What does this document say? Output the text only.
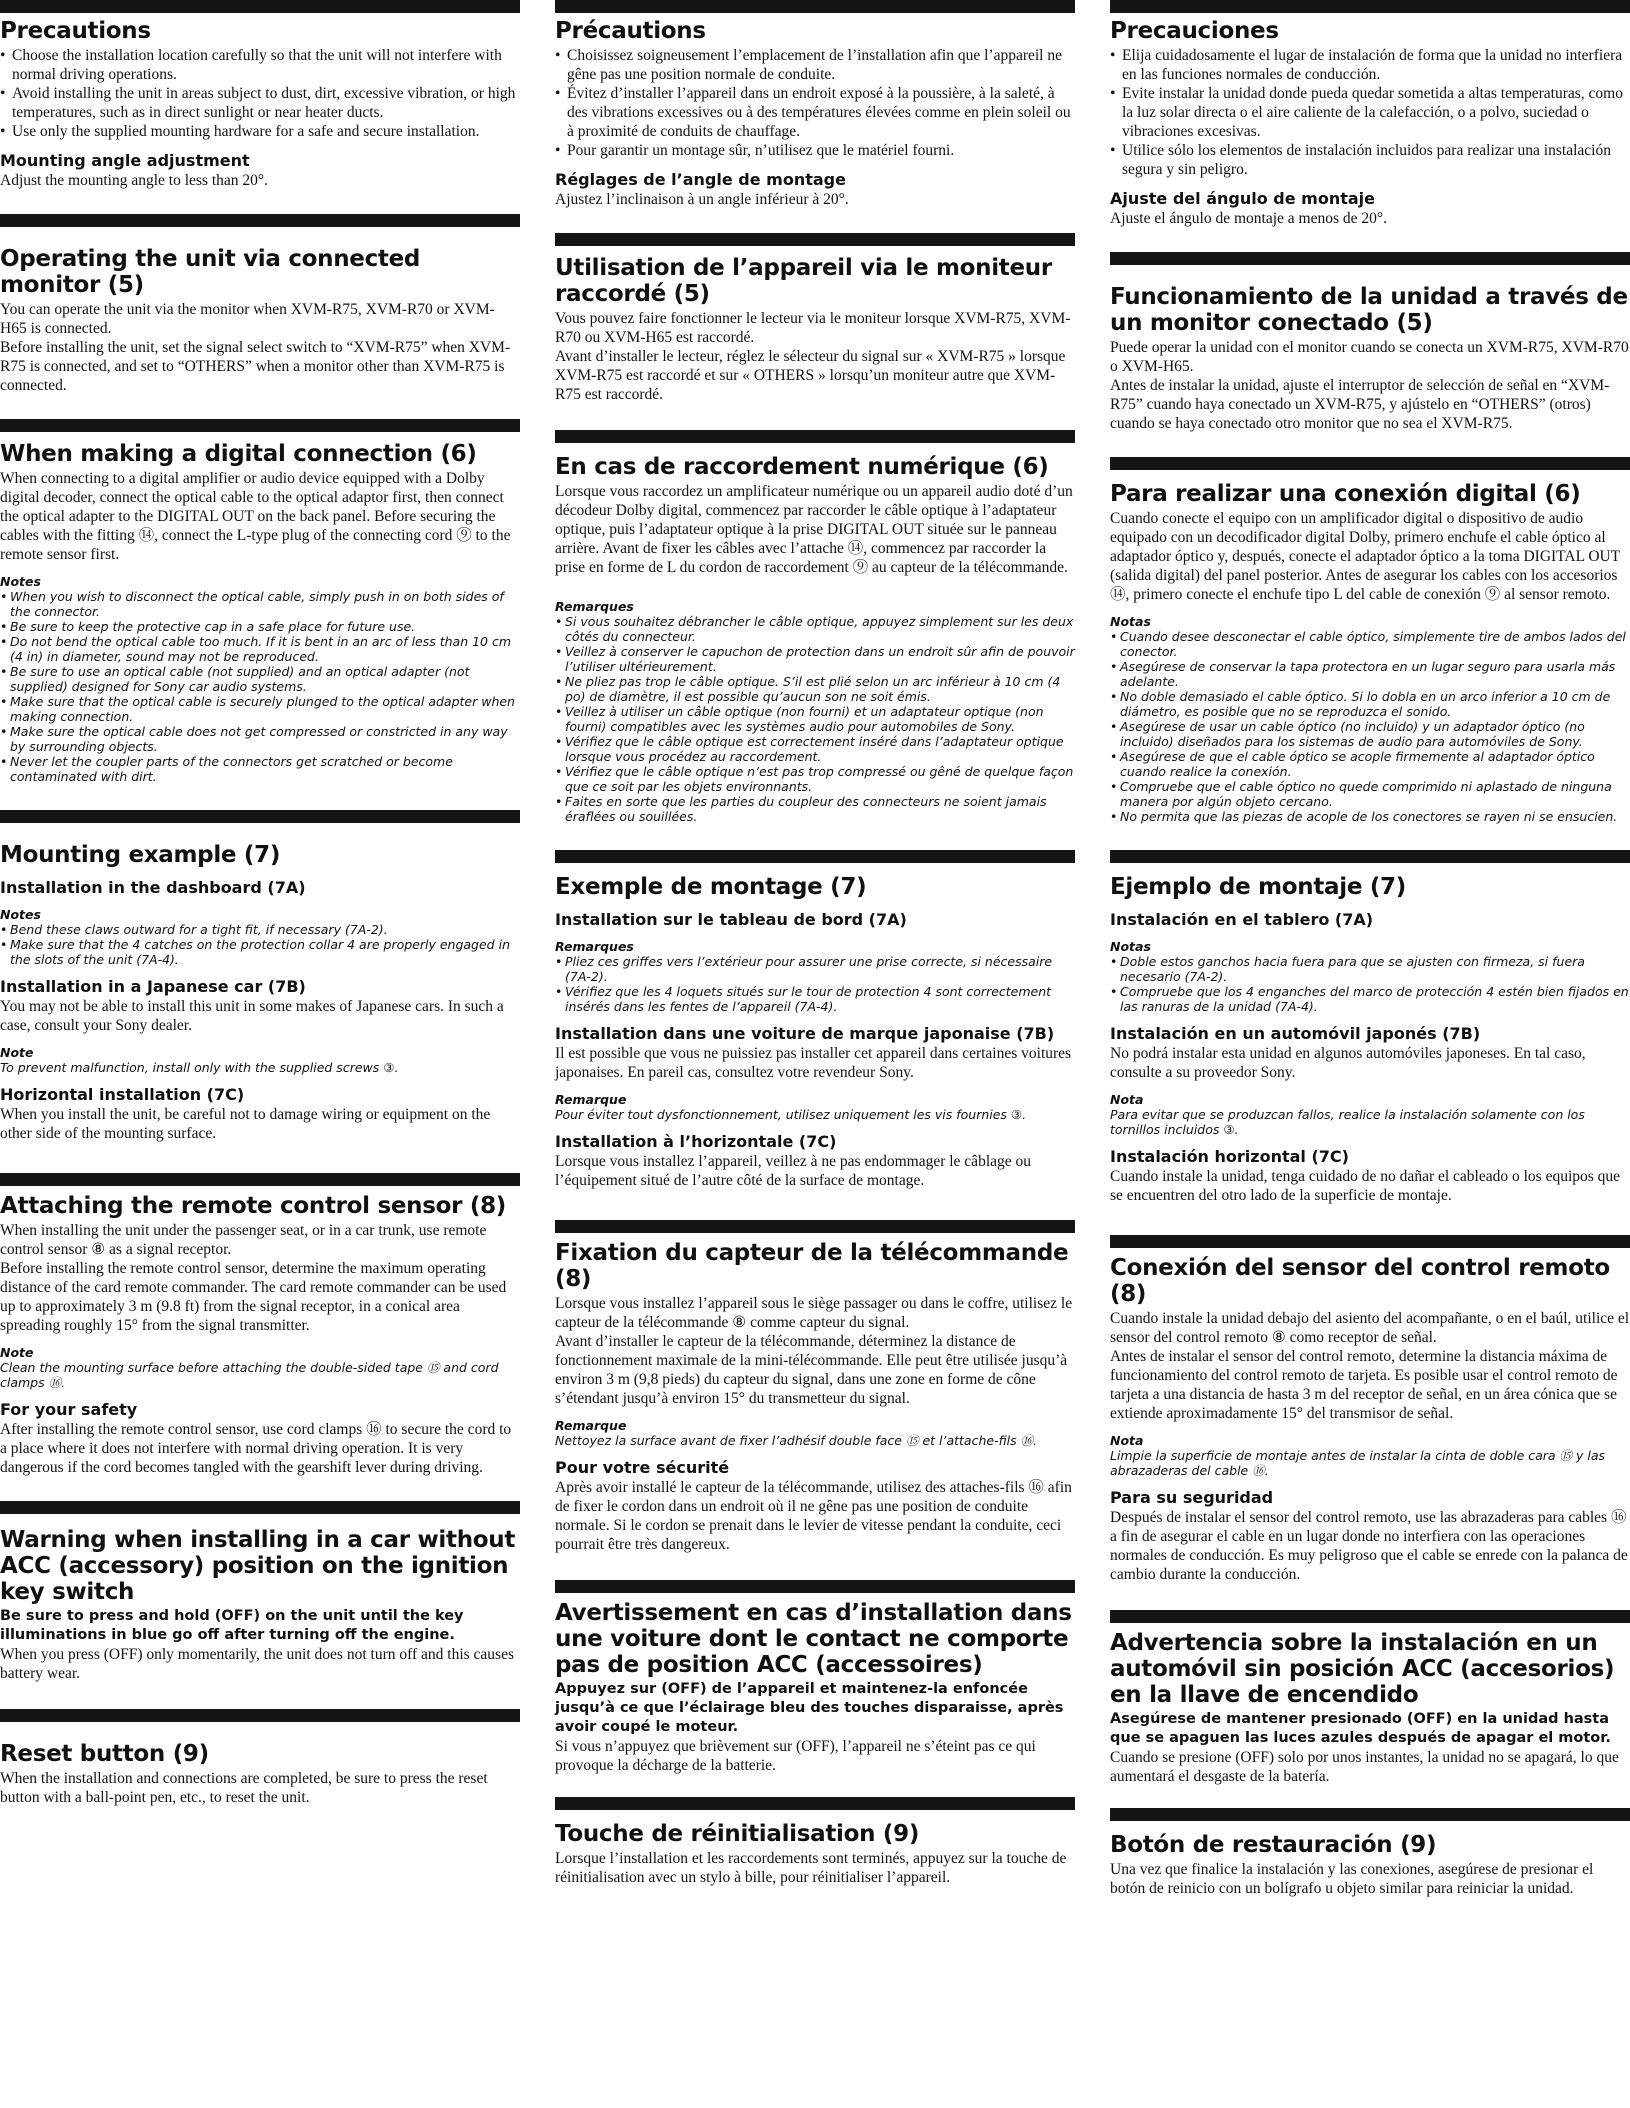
Precautions
• Choose the installation location carefully so that the unit will not interfere with normal driving operations.
• Avoid installing the unit in areas subject to dust, dirt, excessive vibration, or high temperatures, such as in direct sunlight or near heater ducts.
• Use only the supplied mounting hardware for a safe and secure installation.
Mounting angle adjustment

Adjust the mounting angle to less than 20°.

Operating the unit via connected monitor (5)

You can operate the unit via the monitor when XVM-R75, XVM-R70 or XVM-H65 is connected.

Before installing the unit, set the signal select switch to “XVM-R75” when XVM-R75 is connected, and set to “OTHERS” when a monitor other than XVM-R75 is connected.

When making a digital connection (6)

When connecting to a digital amplifier or audio device equipped with a Dolby digital decoder, connect the optical cable to the optical adaptor first, then connect the optical adapter to the DIGITAL OUT on the back panel. Before securing the cables with the fitting ⑭, connect the L-type plug of the connecting cord ⑨ to the remote sensor first.

Notes
• When you wish to disconnect the optical cable, simply push in on both sides of the connector.
• Be sure to keep the protective cap in a safe place for future use.
• Do not bend the optical cable too much. If it is bent in an arc of less than 10 cm (4 in) in diameter, sound may not be reproduced.
• Be sure to use an optical cable (not supplied) and an optical adapter (not supplied) designed for Sony car audio systems.
• Make sure that the optical cable is securely plunged to the optical adapter when making connection.
• Make sure the optical cable does not get compressed or constricted in any way by surrounding objects.
• Never let the coupler parts of the connectors get scratched or become contaminated with dirt.
Mounting example (7)
Installation in the dashboard (7A)
Notes
• Bend these claws outward for a tight fit, if necessary (7A-2).
• Make sure that the 4 catches on the protection collar 4 are properly engaged in the slots of the unit (7A-4).
Installation in a Japanese car (7B)

You may not be able to install this unit in some makes of Japanese cars. In such a case, consult your Sony dealer.

Note

To prevent malfunction, install only with the supplied screws ③.

Horizontal installation (7C)

When you install the unit, be careful not to damage wiring or equipment on the other side of the mounting surface.

Attaching the remote control sensor (8)

When installing the unit under the passenger seat, or in a car trunk, use remote control sensor ⑧ as a signal receptor.

Before installing the remote control sensor, determine the maximum operating distance of the card remote commander. The card remote commander can be used up to approximately 3 m (9.8 ft) from the signal receptor, in a conical area spreading roughly 15° from the signal transmitter.

Note

Clean the mounting surface before attaching the double-sided tape ⑮ and cord clamps ⑯.

For your safety

After installing the remote control sensor, use cord clamps ⑯ to secure the cord to a place where it does not interfere with normal driving operation. It is very dangerous if the cord becomes tangled with the gearshift lever during driving.

Warning when installing in a car without ACC (accessory) position on the ignition key switch

Be sure to press and hold (OFF) on the unit until the key illuminations in blue go off after turning off the engine.

When you press (OFF) only momentarily, the unit does not turn off and this causes battery wear.

Reset button (9)

When the installation and connections are completed, be sure to press the reset button with a ball-point pen, etc., to reset the unit.

Précautions
• Choisissez soigneusement l’emplacement de l’installation afin que l’appareil ne gêne pas une position normale de conduite.
• Évitez d’installer l’appareil dans un endroit exposé à la poussière, à la saleté, à des vibrations excessives ou à des températures élevées comme en plein soleil ou à proximité de conduits de chauffage.
• Pour garantir un montage sûr, n’utilisez que le matériel fourni.
Réglages de l’angle de montage

Ajustez l’inclinaison à un angle inférieur à 20°.

Utilisation de l’appareil via le moniteur raccordé (5)

Vous pouvez faire fonctionner le lecteur via le moniteur lorsque XVM-R75, XVM-R70 ou XVM-H65 est raccordé.

Avant d’installer le lecteur, réglez le sélecteur du signal sur « XVM-R75 » lorsque XVM-R75 est raccordé et sur « OTHERS » lorsqu’un moniteur autre que XVM-R75 est raccordé.

En cas de raccordement numérique (6)

Lorsque vous raccordez un amplificateur numérique ou un appareil audio doté d’un décodeur Dolby digital, commencez par raccorder le câble optique à l’adaptateur optique, puis l’adaptateur optique à la prise DIGITAL OUT située sur le panneau arrière. Avant de fixer les câbles avec l’attache ⑭, commencez par raccorder la prise en forme de L du cordon de raccordement ⑨ au capteur de la télécommande.

Remarques
• Si vous souhaitez débrancher le câble optique, appuyez simplement sur les deux côtés du connecteur.
• Veillez à conserver le capuchon de protection dans un endroit sûr afin de pouvoir l’utiliser ultérieurement.
• Ne pliez pas trop le câble optique. S’il est plié selon un arc inférieur à 10 cm (4 po) de diamètre, il est possible qu’aucun son ne soit émis.
• Veillez à utiliser un câble optique (non fourni) et un adaptateur optique (non fourni) compatibles avec les systèmes audio pour automobiles de Sony.
• Vérifiez que le câble optique est correctement inséré dans l’adaptateur optique lorsque vous procédez au raccordement.
• Vérifiez que le câble optique n’est pas trop compressé ou gêné de quelque façon que ce soit par les objets environnants.
• Faites en sorte que les parties du coupleur des connecteurs ne soient jamais éraflées ou souillées.
Exemple de montage (7)
Installation sur le tableau de bord (7A)
Remarques
• Pliez ces griffes vers l’extérieur pour assurer une prise correcte, si nécessaire (7A-2).
• Vérifiez que les 4 loquets situés sur le tour de protection 4 sont correctement insérés dans les fentes de l’appareil (7A-4).
Installation dans une voiture de marque japonaise (7B)

Il est possible que vous ne puissiez pas installer cet appareil dans certaines voitures japonaises. En pareil cas, consultez votre revendeur Sony.

Remarque

Pour éviter tout dysfonctionnement, utilisez uniquement les vis fournies ③.

Installation à l’horizontale (7C)

Lorsque vous installez l’appareil, veillez à ne pas endommager le câblage ou l’équipement situé de l’autre côté de la surface de montage.

Fixation du capteur de la télécommande (8)

Lorsque vous installez l’appareil sous le siège passager ou dans le coffre, utilisez le capteur de la télécommande ⑧ comme capteur du signal.

Avant d’installer le capteur de la télécommande, déterminez la distance de fonctionnement maximale de la mini-télécommande. Elle peut être utilisée jusqu’à environ 3 m (9,8 pieds) du capteur du signal, dans une zone en forme de cône s’étendant jusqu’à environ 15° du transmetteur du signal.

Remarque

Nettoyez la surface avant de fixer l’adhésif double face ⑮ et l’attache-fils ⑯.

Pour votre sécurité

Après avoir installé le capteur de la télécommande, utilisez des attaches-fils ⑯ afin de fixer le cordon dans un endroit où il ne gêne pas une position de conduite normale. Si le cordon se prenait dans le levier de vitesse pendant la conduite, ceci pourrait être très dangereux.

Avertissement en cas d’installation dans une voiture dont le contact ne comporte pas de position ACC (accessoires)

Appuyez sur (OFF) de l’appareil et maintenez-la enfoncée jusqu’à ce que l’éclairage bleu des touches disparaisse, après avoir coupé le moteur.

Si vous n’appuyez que brièvement sur (OFF), l’appareil ne s’éteint pas ce qui provoque la décharge de la batterie.

Touche de réinitialisation (9)

Lorsque l’installation et les raccordements sont terminés, appuyez sur la touche de réinitialisation avec un stylo à bille, pour réinitialiser l’appareil.

Precauciones
• Elija cuidadosamente el lugar de instalación de forma que la unidad no interfiera en las funciones normales de conducción.
• Evite instalar la unidad donde pueda quedar sometida a altas temperaturas, como la luz solar directa o el aire caliente de la calefacción, o a polvo, suciedad o vibraciones excesivas.
• Utilice sólo los elementos de instalación incluidos para realizar una instalación segura y sin peligro.
Ajuste del ángulo de montaje

Ajuste el ángulo de montaje a menos de 20°.

Funcionamiento de la unidad a través de un monitor conectado (5)

Puede operar la unidad con el monitor cuando se conecta un XVM-R75, XVM-R70 o XVM-H65.

Antes de instalar la unidad, ajuste el interruptor de selección de señal en “XVM-R75” cuando haya conectado un XVM-R75, y ajústelo en “OTHERS” (otros) cuando se haya conectado otro monitor que no sea el XVM-R75.

Para realizar una conexión digital (6)

Cuando conecte el equipo con un amplificador digital o dispositivo de audio equipado con un decodificador digital Dolby, primero enchufe el cable óptico al adaptador óptico y, después, conecte el adaptador óptico a la toma DIGITAL OUT (salida digital) del panel posterior. Antes de asegurar los cables con los accesorios ⑭, primero conecte el enchufe tipo L del cable de conexión ⑨ al sensor remoto.

Notas
• Cuando desee desconectar el cable óptico, simplemente tire de ambos lados del conector.
• Asegúrese de conservar la tapa protectora en un lugar seguro para usarla más adelante.
• No doble demasiado el cable óptico. Si lo dobla en un arco inferior a 10 cm de diámetro, es posible que no se reproduzca el sonido.
• Asegúrese de usar un cable óptico (no incluido) y un adaptador óptico (no incluido) diseñados para los sistemas de audio para automóviles de Sony.
• Asegúrese de que el cable óptico se acople firmemente al adaptador óptico cuando realice la conexión.
• Compruebe que el cable óptico no quede comprimido ni aplastado de ninguna manera por algún objeto cercano.
• No permita que las piezas de acople de los conectores se rayen ni se ensucien.
Ejemplo de montaje (7)
Instalación en el tablero (7A)
Notas
• Doble estos ganchos hacia fuera para que se ajusten con firmeza, si fuera necesario (7A-2).
• Compruebe que los 4 enganches del marco de protección 4 estén bien fijados en las ranuras de la unidad (7A-4).
Instalación en un automóvil japonés (7B)

No podrá instalar esta unidad en algunos automóviles japoneses. En tal caso, consulte a su proveedor Sony.

Nota

Para evitar que se produzcan fallos, realice la instalación solamente con los tornillos incluidos ③.

Instalación horizontal (7C)

Cuando instale la unidad, tenga cuidado de no dañar el cableado o los equipos que se encuentren del otro lado de la superficie de montaje.

Conexión del sensor del control remoto (8)

Cuando instale la unidad debajo del asiento del acompañante, o en el baúl, utilice el sensor del control remoto ⑧ como receptor de señal.

Antes de instalar el sensor del control remoto, determine la distancia máxima de funcionamiento del control remoto de tarjeta. Es posible usar el control remoto de tarjeta a una distancia de hasta 3 m del receptor de señal, en un área cónica que se extiende aproximadamente 15° del transmisor de señal.

Nota

Limpie la superficie de montaje antes de instalar la cinta de doble cara ⑮ y las abrazaderas del cable ⑯.

Para su seguridad

Después de instalar el sensor del control remoto, use las abrazaderas para cables ⑯ a fin de asegurar el cable en un lugar donde no interfiera con las operaciones normales de conducción. Es muy peligroso que el cable se enrede con la palanca de cambio durante la conducción.

Advertencia sobre la instalación en un automóvil sin posición ACC (accesorios) en la llave de encendido

Asegúrese de mantener presionado (OFF) en la unidad hasta que se apaguen las luces azules después de apagar el motor.

Cuando se presione (OFF) solo por unos instantes, la unidad no se apagará, lo que aumentará el desgaste de la batería.

Botón de restauración (9)

Una vez que finalice la instalación y las conexiones, asegúrese de presionar el botón de reinicio con un bolígrafo u objeto similar para reiniciar la unidad.
